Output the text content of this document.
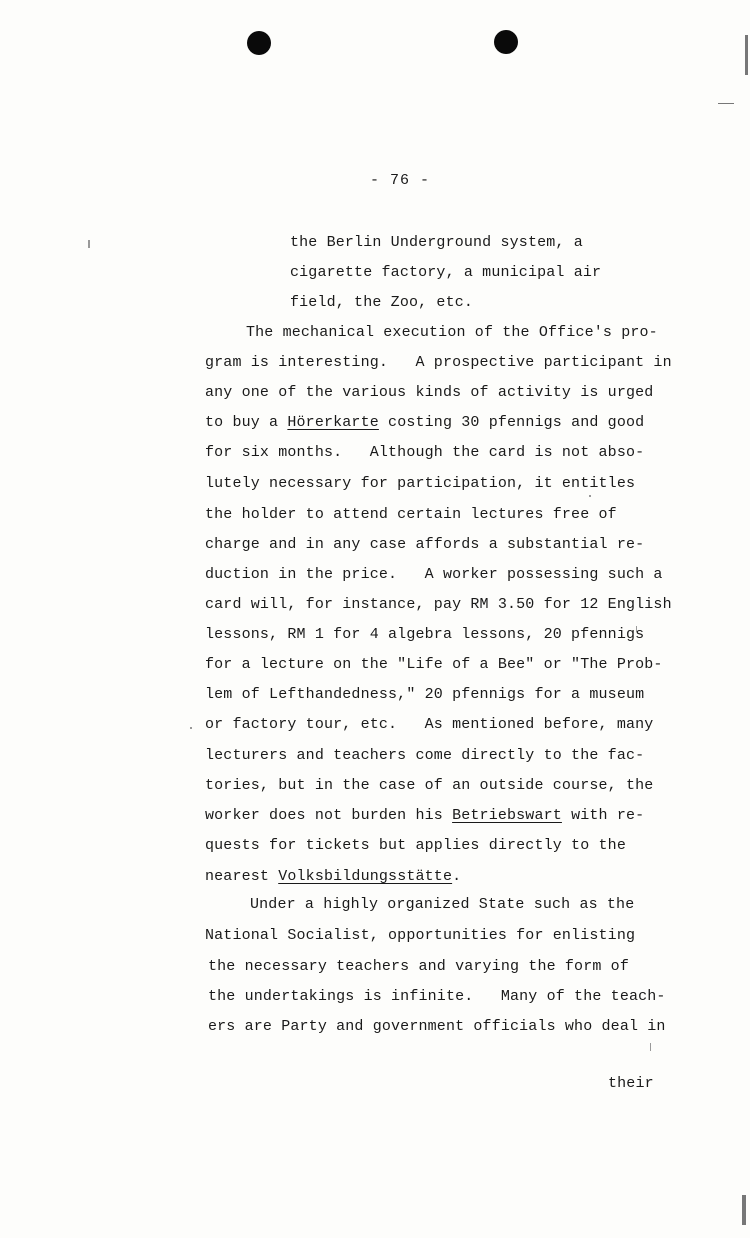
- 76 -
the Berlin Underground system, a
cigarette factory, a municipal air
field, the Zoo, etc.
The mechanical execution of the Office's pro-
gram is interesting.   A prospective participant in
any one of the various kinds of activity is urged
to buy a Hörerkarte costing 30 pfennigs and good
for six months.   Although the card is not abso-
lutely necessary for participation, it entitles
the holder to attend certain lectures free of
charge and in any case affords a substantial re-
duction in the price.   A worker possessing such a
card will, for instance, pay RM 3.50 for 12 English
lessons, RM 1 for 4 algebra lessons, 20 pfennigs
for a lecture on the "Life of a Bee" or "The Prob-
lem of Lefthandedness," 20 pfennigs for a museum
or factory tour, etc.   As mentioned before, many
lecturers and teachers come directly to the fac-
tories, but in the case of an outside course, the
worker does not burden his Betriebswart with re-
quests for tickets but applies directly to the
nearest Volksbildungsstätte.
Under a highly organized State such as the
National Socialist, opportunities for enlisting
the necessary teachers and varying the form of
the undertakings is infinite.   Many of the teach-
ers are Party and government officials who deal in
their
